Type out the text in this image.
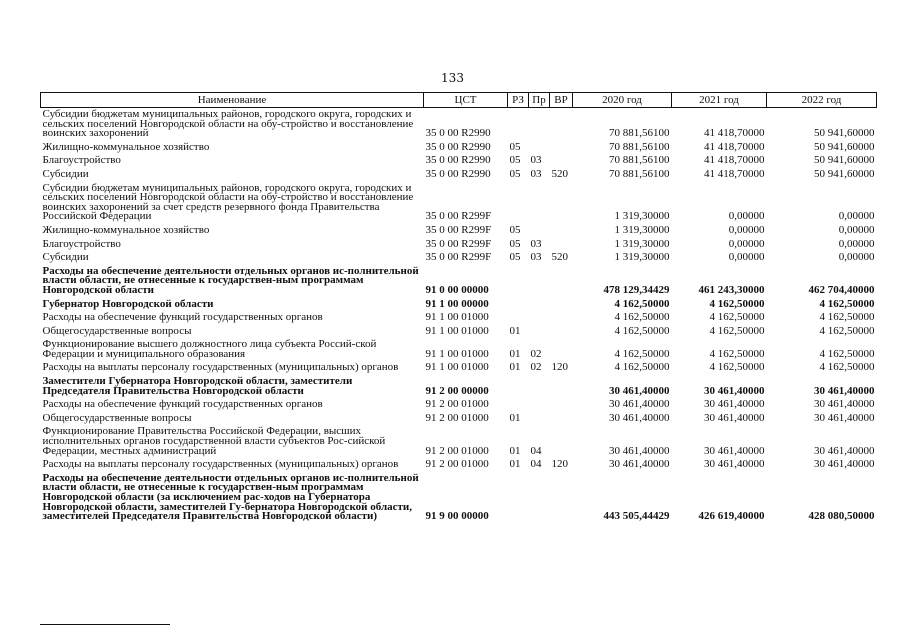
133
Наименование	ЦСТ	РЗ	Пр	ВР	2020 год	2021 год	2022 год
Субсидии бюджетам муниципальных районов, городского округа, городских и сельских поселений Новгородской области на обу-стройство и восстановление воинских захоронений	35 0 00 R2990				70 881,56100	41 418,70000	50 941,60000
Жилищно-коммунальное хозяйство	35 0 00 R2990	05			70 881,56100	41 418,70000	50 941,60000
Благоустройство	35 0 00 R2990	05	03		70 881,56100	41 418,70000	50 941,60000
Субсидии	35 0 00 R2990	05	03	520	70 881,56100	41 418,70000	50 941,60000
Субсидии бюджетам муниципальных районов, городского округа, городских и сельских поселений Новгородской области на обу-стройство и восстановление воинских захоронений за счет средств резервного фонда Правительства Российской Федерации	35 0 00 R299F				1 319,30000	0,00000	0,00000
Жилищно-коммунальное хозяйство	35 0 00 R299F	05			1 319,30000	0,00000	0,00000
Благоустройство	35 0 00 R299F	05	03		1 319,30000	0,00000	0,00000
Субсидии	35 0 00 R299F	05	03	520	1 319,30000	0,00000	0,00000
Расходы на обеспечение деятельности отдельных органов ис-полнительной власти области, не отнесенные к государствен-ным программам Новгородской области	91 0 00 00000				478 129,34429	461 243,30000	462 704,40000
Губернатор Новгородской области	91 1 00 00000				4 162,50000	4 162,50000	4 162,50000
Расходы на обеспечение функций государственных органов	91 1 00 01000				4 162,50000	4 162,50000	4 162,50000
Общегосударственные вопросы	91 1 00 01000	01			4 162,50000	4 162,50000	4 162,50000
Функционирование высшего должностного лица субъекта Россий-ской Федерации и муниципального образования	91 1 00 01000	01	02		4 162,50000	4 162,50000	4 162,50000
Расходы на выплаты персоналу государственных (муниципальных) органов	91 1 00 01000	01	02	120	4 162,50000	4 162,50000	4 162,50000
Заместители Губернатора Новгородской области, заместители Председателя Правительства Новгородской области	91 2 00 00000				30 461,40000	30 461,40000	30 461,40000
Расходы на обеспечение функций государственных органов	91 2 00 01000				30 461,40000	30 461,40000	30 461,40000
Общегосударственные вопросы	91 2 00 01000	01			30 461,40000	30 461,40000	30 461,40000
Функционирование Правительства Российской Федерации, высших исполнительных органов государственной власти субъектов Рос-сийской Федерации, местных администраций	91 2 00 01000	01	04		30 461,40000	30 461,40000	30 461,40000
Расходы на выплаты персоналу государственных (муниципальных) органов	91 2 00 01000	01	04	120	30 461,40000	30 461,40000	30 461,40000
Расходы на обеспечение деятельности отдельных органов ис-полнительной власти области, не отнесенные к государствен-ным программам Новгородской области (за исключением рас-ходов на Губернатора Новгородской области, заместителей Гу-бернатора Новгородской области, заместителей Председателя Правительства Новгородской области)	91 9 00 00000				443 505,44429	426 619,40000	428 080,50000
